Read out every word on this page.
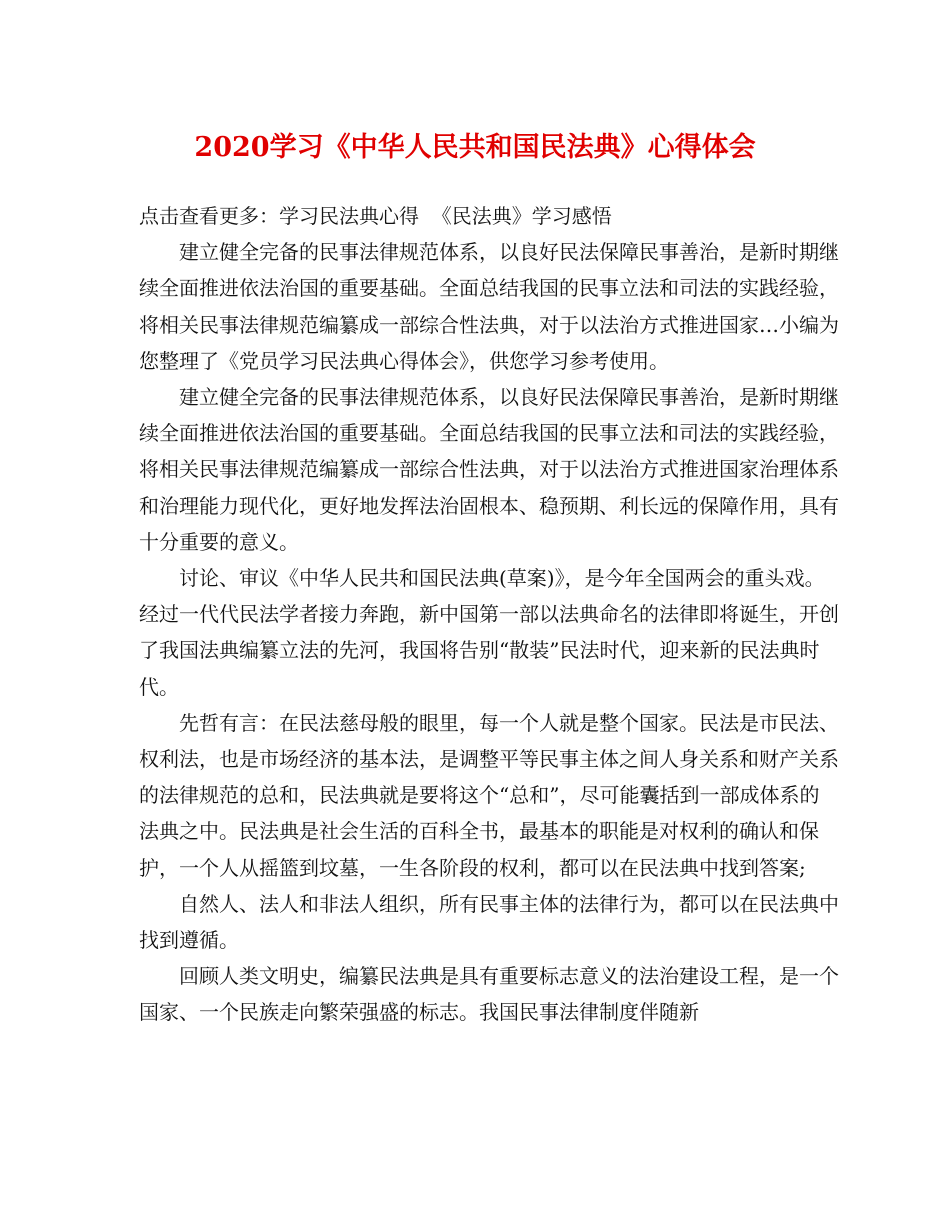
2020学习《中华人民共和国民法典》心得体会

点击查看更多：学习民法典心得 《民法典》学习感悟

建立健全完备的民事法律规范体系，以良好民法保障民事善治，是新时期继续全面推进依法治国的重要基础。全面总结我国的民事立法和司法的实践经验，将相关民事法律规范编纂成一部综合性法典，对于以法治方式推进国家…小编为您整理了《党员学习民法典心得体会》，供您学习参考使用。

建立健全完备的民事法律规范体系，以良好民法保障民事善治，是新时期继续全面推进依法治国的重要基础。全面总结我国的民事立法和司法的实践经验，将相关民事法律规范编纂成一部综合性法典，对于以法治方式推进国家治理体系和治理能力现代化，更好地发挥法治固根本、稳预期、利长远的保障作用，具有十分重要的意义。

讨论、审议《中华人民共和国民法典(草案)》，是今年全国两会的重头戏。经过一代代民法学者接力奔跑，新中国第一部以法典命名的法律即将诞生，开创了我国法典编纂立法的先河，我国将告别“散装”民法时代，迎来新的民法典时代。

先哲有言：在民法慈母般的眼里，每一个人就是整个国家。民法是市民法、权利法，也是市场经济的基本法，是调整平等民事主体之间人身关系和财产关系的法律规范的总和，民法典就是要将这个“总和”，尽可能囊括到一部成体系的法典之中。民法典是社会生活的百科全书，最基本的职能是对权利的确认和保护，一个人从摇篮到坟墓，一生各阶段的权利，都可以在民法典中找到答案;

自然人、法人和非法人组织，所有民事主体的法律行为，都可以在民法典中找到遵循。

回顾人类文明史，编纂民法典是具有重要标志意义的法治建设工程，是一个国家、一个民族走向繁荣强盛的标志。我国民事法律制度伴随新
